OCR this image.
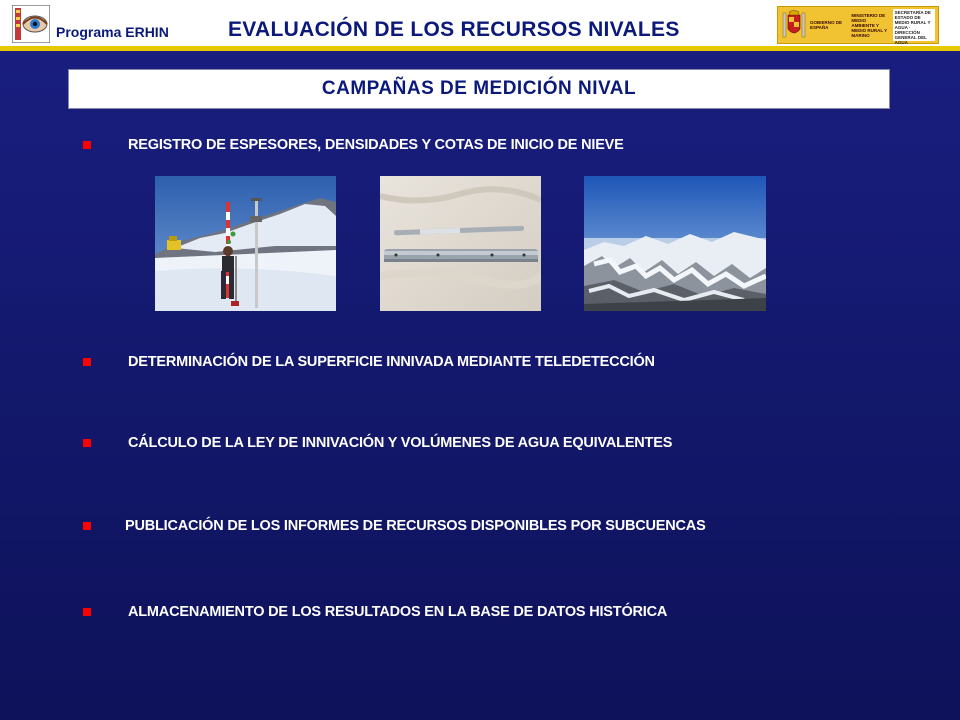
Programa ERHIN	EVALUACIÓN DE LOS RECURSOS NIVALES	GOBIERNO DE ESPAÑA
MINISTERIO DE MEDIO AMBIENTE Y MEDIO RURAL Y MARINO
SECRETARÍA DE ESTADO DE MEDIO RURAL Y AGUA · DIRECCIÓN GENERAL DEL AGUA
CAMPAÑAS DE MEDICIÓN NIVAL
REGISTRO DE ESPESORES, DENSIDADES Y COTAS DE INICIO DE NIEVE
DETERMINACIÓN DE LA SUPERFICIE INNIVADA MEDIANTE TELEDETECCIÓN
CÁLCULO DE LA LEY DE INNIVACIÓN Y VOLÚMENES DE AGUA EQUIVALENTES
PUBLICACIÓN DE LOS INFORMES DE RECURSOS DISPONIBLES POR SUBCUENCAS
ALMACENAMIENTO DE LOS RESULTADOS EN LA BASE DE DATOS HISTÓRICA
